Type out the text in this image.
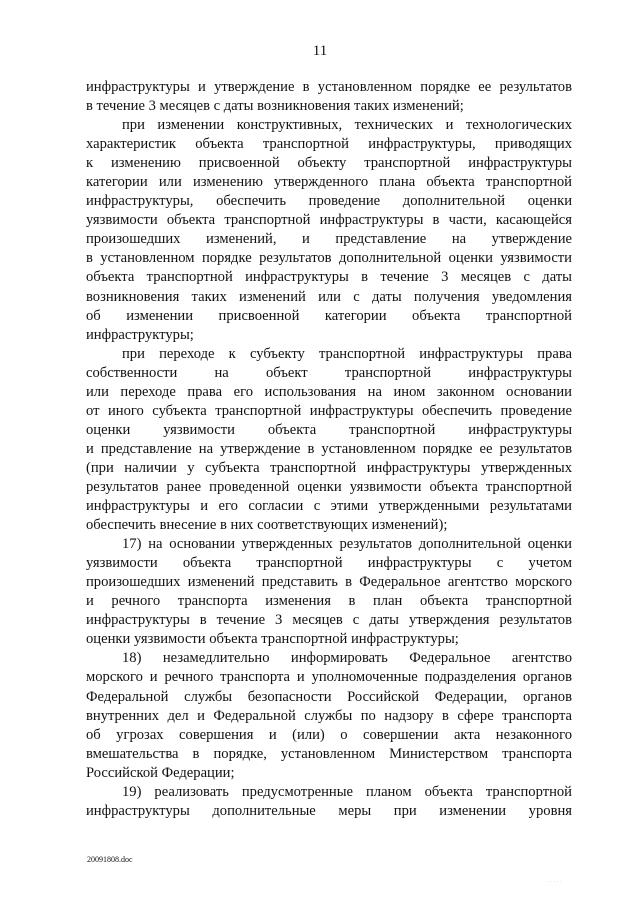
11
инфраструктуры и утверждение в установленном порядке ее результатов
в течение 3 месяцев с даты возникновения таких изменений;
при изменении конструктивных, технических и технологических
характеристик объекта транспортной инфраструктуры, приводящих
к изменению присвоенной объекту транспортной инфраструктуры
категории или изменению утвержденного плана объекта транспортной
инфраструктуры, обеспечить проведение дополнительной оценки
уязвимости объекта транспортной инфраструктуры в части, касающейся
произошедших изменений, и представление на утверждение
в установленном порядке результатов дополнительной оценки уязвимости
объекта транспортной инфраструктуры в течение 3 месяцев с даты
возникновения таких изменений или с даты получения уведомления
об изменении присвоенной категории объекта транспортной
инфраструктуры;
при переходе к субъекту транспортной инфраструктуры права
собственности на объект транспортной инфраструктуры
или переходе права его использования на ином законном основании
от иного субъекта транспортной инфраструктуры обеспечить проведение
оценки уязвимости объекта транспортной инфраструктуры
и представление на утверждение в установленном порядке ее результатов
(при наличии у субъекта транспортной инфраструктуры утвержденных
результатов ранее проведенной оценки уязвимости объекта транспортной
инфраструктуры и его согласии с этими утвержденными результатами
обеспечить внесение в них соответствующих изменений);
17) на основании утвержденных результатов дополнительной оценки
уязвимости объекта транспортной инфраструктуры с учетом
произошедших изменений представить в Федеральное агентство морского
и речного транспорта изменения в план объекта транспортной
инфраструктуры в течение 3 месяцев с даты утверждения результатов
оценки уязвимости объекта транспортной инфраструктуры;
18) незамедлительно информировать Федеральное агентство
морского и речного транспорта и уполномоченные подразделения органов
Федеральной службы безопасности Российской Федерации, органов
внутренних дел и Федеральной службы по надзору в сфере транспорта
об угрозах совершения и (или) о совершении акта незаконного
вмешательства в порядке, установленном Министерством транспорта
Российской Федерации;
19) реализовать предусмотренные планом объекта транспортной
инфраструктуры дополнительные меры при изменении уровня
20091808.doc
· · · · ·
